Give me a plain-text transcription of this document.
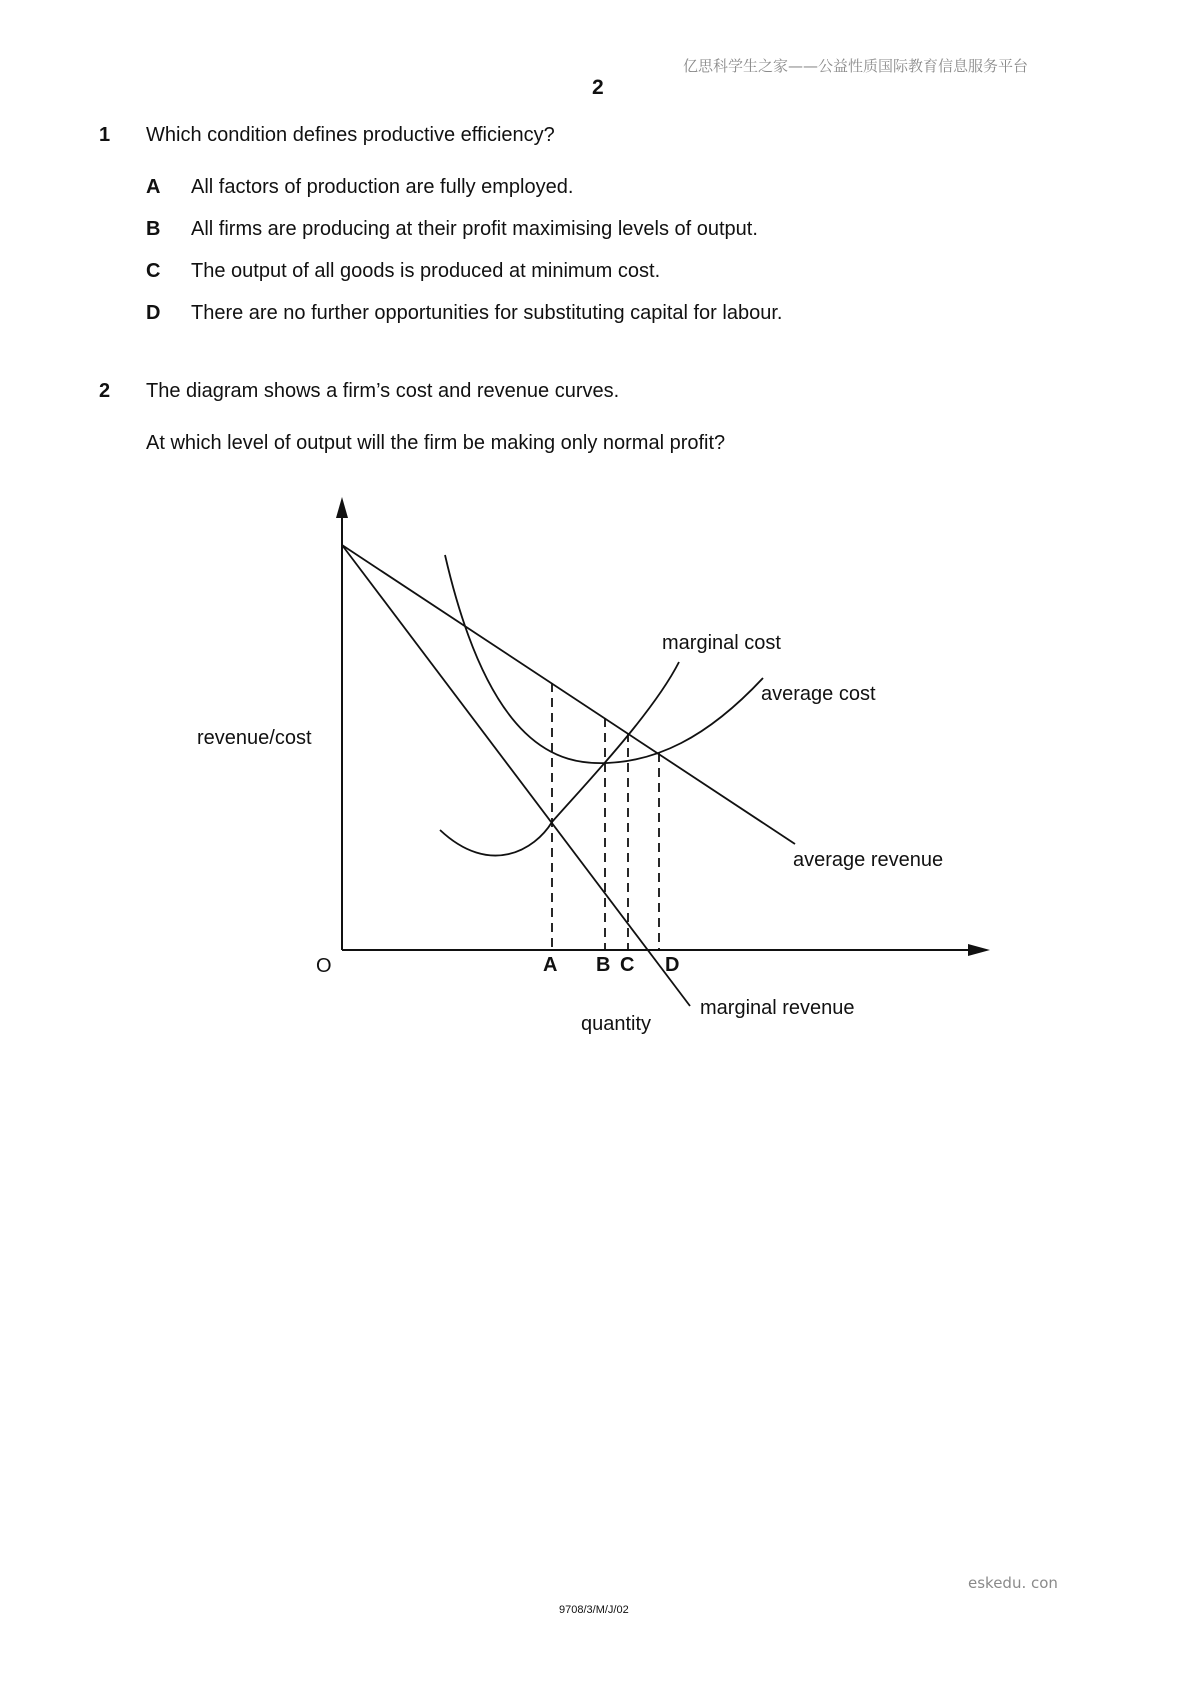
亿思科学生之家——公益性质国际教育信息服务平台
2
1 Which condition defines productive efficiency?
A All factors of production are fully employed.
B All firms are producing at their profit maximising levels of output.
C The output of all goods is produced at minimum cost.
D There are no further opportunities for substituting capital for labour.
2 The diagram shows a firm’s cost and revenue curves.
At which level of output will the firm be making only normal profit?
revenue/cost
O
quantity
marginal cost
average cost
average revenue
marginal revenue
A B C D
eskedu. con
9708/3/M/J/02
